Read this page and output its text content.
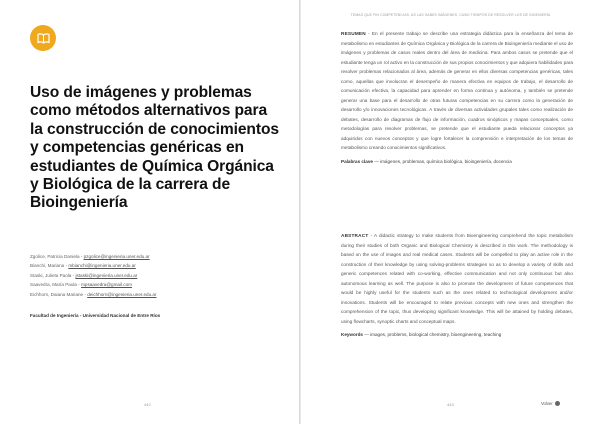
Uso de imágenes y problemas como métodos alternativos para la construcción de conocimientos y competencias genéricas en estudiantes de Química Orgánica y Biológica de la carrera de Bioingeniería
Zgolice, Patricia Daniela - pzgolice@ingenieria.uner.edu.ar
Bianchi, Mariana - mbianchi@ingenieria.uner.edu.ar
Staski, Julieta Paola - jstaski@ingenieria.uner.edu.ar
Saavedra, María Paula - mpsaavedra@gmail.com
Eichhorn, Daiana Mariane - deichhorn@ingenieria.uner.edu.ar
Facultad de Ingeniería - Universidad Nacional de Entre Ríos
442
TEMAS QUE FIN COMPETENCIAS, AS LAS SABES IMÁGENES, CUBO TIEMPOS DE RESOLVER LOS DE INGENIERÍA

RESUMEN - En el presente trabajo se describe una estrategia didáctica para la enseñanza del tema de metabolismo en estudiantes de Química Orgánica y Biológica de la carrera de Bioingeniería mediante el uso de imágenes y problemas de casos reales dentro del área de medicina. Para ambos casos se pretende que el estudiante tenga un rol activo en la construcción de sus propios conocimientos y que adquiera habilidades para resolver problemas relacionados al área, además de generar en ellos diversas competencias genéricas, tales como, aquellas que involucran el desempeño de manera efectiva en equipos de trabajo, el desarrollo de comunicación efectiva, la capacidad para aprender en forma continua y autónoma, y también se pretende generar una base para el desarrollo de otras futuras competencias en su carrera como la generación de desarrollo y/o innovaciones tecnológicas. A través de diversas actividades grupales tales como realización de debates, desarrollo de diagramas de flujo de información, cuadros sinópticos y mapas conceptuales, como metodologías para resolver problemas, se pretende que el estudiante pueda relacionar conceptos ya adquiridos con nuevos conceptos y que logre fortalecer la comprensión e interpretación de los temas de metabolismo creando conocimientos significativos.

Palabras clave — imágenes, problemas, química biológica, bioingeniería, docencia

ABSTRACT - A didactic strategy to make students from Bioengineering comprehend the topic metabolism during their studies of both Organic and Biological Chemistry is described in this work. The methodology is based on the use of images and real medical cases. Students will be compelled to play an active role in the construction of their knowledge by using solving-problems strategies so as to develop a variety of skills and generic competences related with co-working, effective communication and not only continuous but also autonomous learning as well. The purpose is also to promote the development of future competences that would be highly useful for the students such as the ones related to technological development and/or innovations. Students will be encouraged to relate previous concepts with new ones and strengthen the comprehension of the topic, thus developing significant knowledge. This will be attained by holding debates, using flowcharts, synoptic charts and conceptual maps.

Keywords — images, problems, biological chemistry, bioengineering, teaching

443	Volver
